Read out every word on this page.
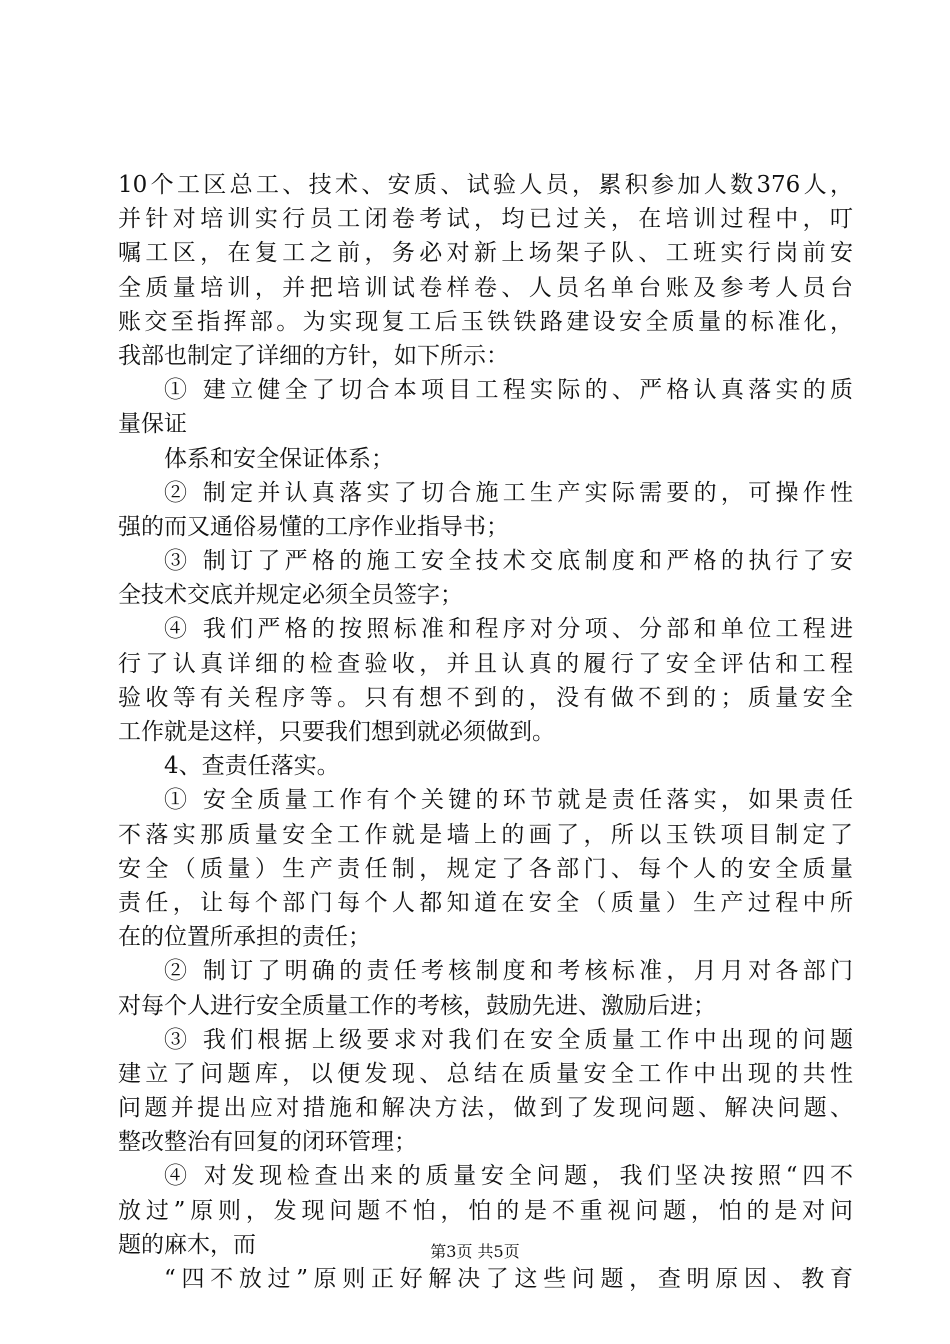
10个工区总工、技术、安质、试验人员，累积参加人数376人，
并针对培训实行员工闭卷考试，均已过关，在培训过程中，叮
嘱工区，在复工之前，务必对新上场架子队、工班实行岗前安
全质量培训，并把培训试卷样卷、人员名单台账及参考人员台
账交至指挥部。为实现复工后玉铁铁路建设安全质量的标准化，
我部也制定了详细的方针，如下所示：
① 建立健全了切合本项目工程实际的、严格认真落实的质
量保证
体系和安全保证体系；
② 制定并认真落实了切合施工生产实际需要的，可操作性
强的而又通俗易懂的工序作业指导书；
③ 制订了严格的施工安全技术交底制度和严格的执行了安
全技术交底并规定必须全员签字；
④ 我们严格的按照标准和程序对分项、分部和单位工程进
行了认真详细的检查验收，并且认真的履行了安全评估和工程
验收等有关程序等。只有想不到的，没有做不到的；质量安全
工作就是这样，只要我们想到就必须做到。
4、查责任落实。
① 安全质量工作有个关键的环节就是责任落实，如果责任
不落实那质量安全工作就是墙上的画了，所以玉铁项目制定了
安全（质量）生产责任制，规定了各部门、每个人的安全质量
责任，让每个部门每个人都知道在安全（质量）生产过程中所
在的位置所承担的责任；
② 制订了明确的责任考核制度和考核标准，月月对各部门
对每个人进行安全质量工作的考核，鼓励先进、激励后进；
③ 我们根据上级要求对我们在安全质量工作中出现的问题
建立了问题库，以便发现、总结在质量安全工作中出现的共性
问题并提出应对措施和解决方法，做到了发现问题、解决问题、
整改整治有回复的闭环管理；
④ 对发现检查出来的质量安全问题，我们坚决按照“四不
放过”原则，发现问题不怕，怕的是不重视问题，怕的是对问
题的麻木，而
“四不放过”原则正好解决了这些问题，查明原因、教育
第3页 共5页
